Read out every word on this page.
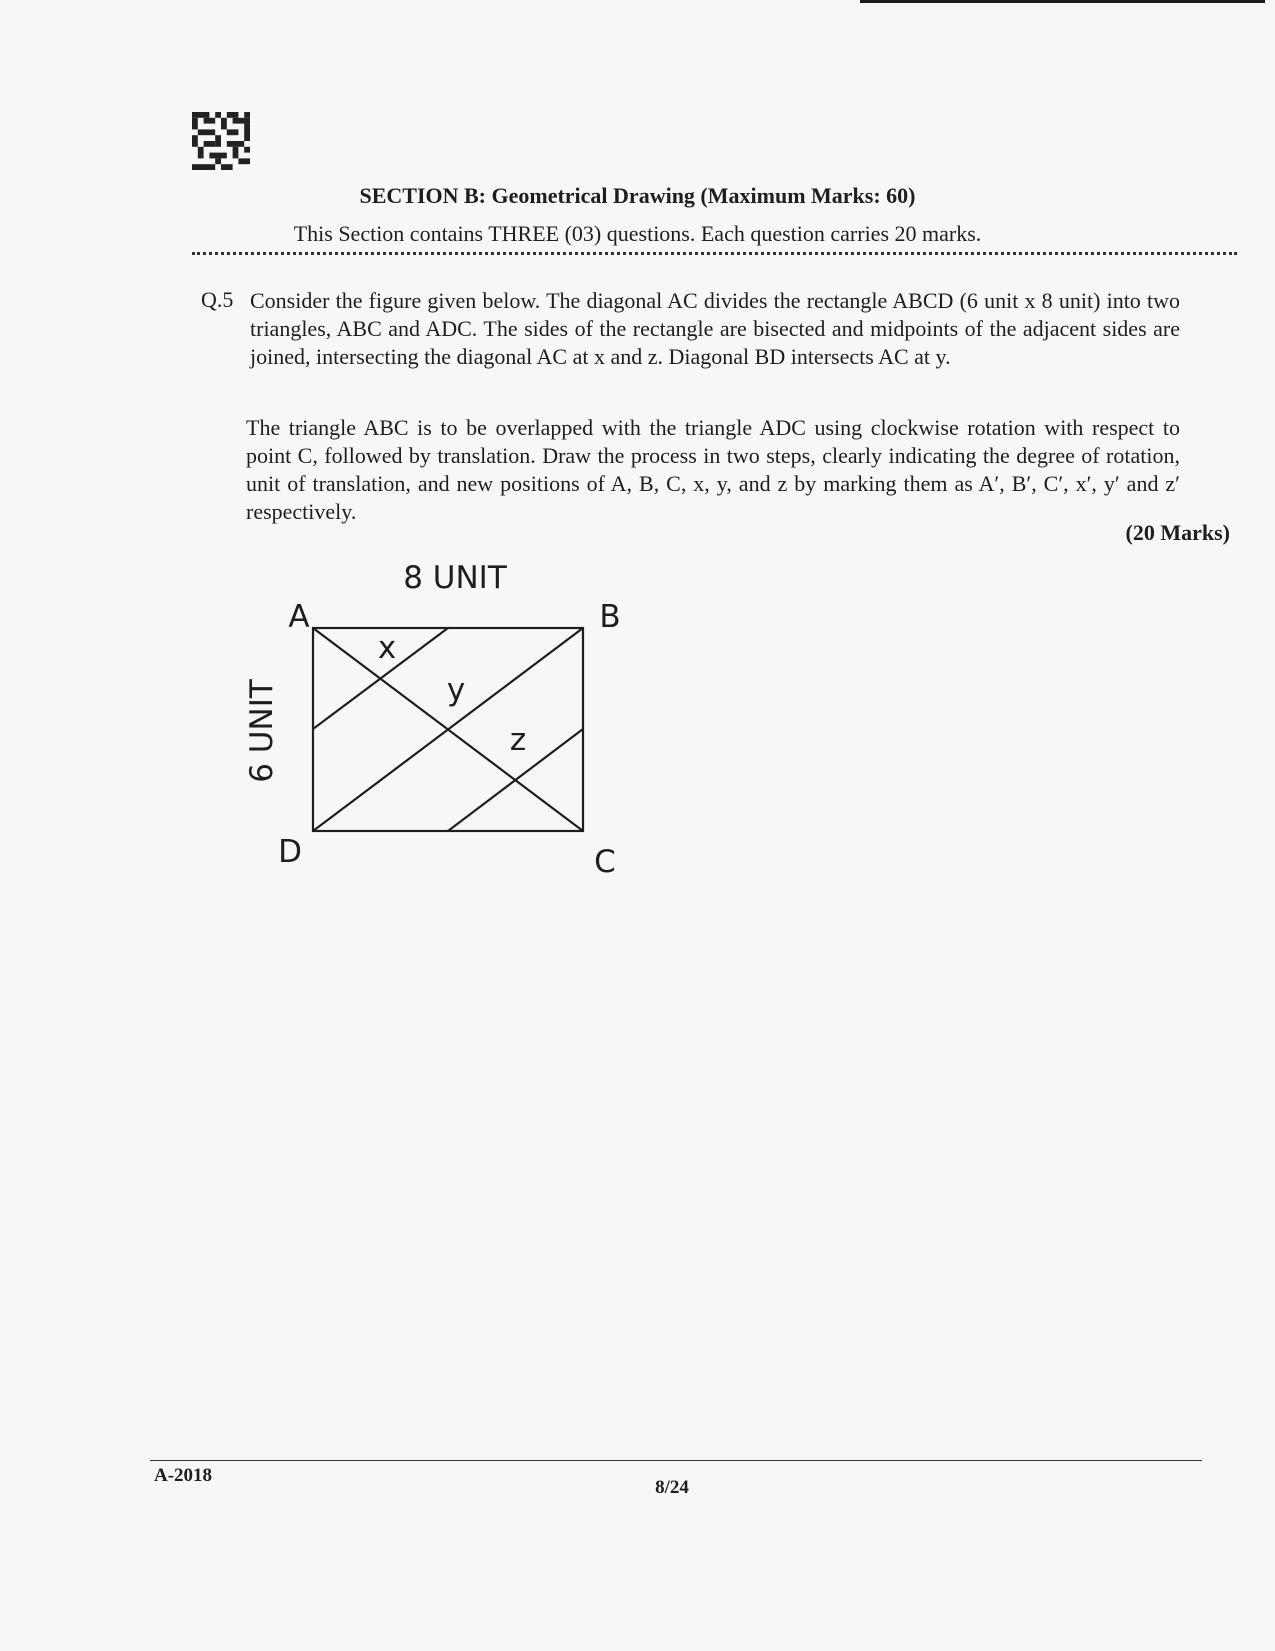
SECTION B: Geometrical Drawing (Maximum Marks: 60)
This Section contains THREE (03) questions. Each question carries 20 marks.
Q.5 Consider the figure given below. The diagonal AC divides the rectangle ABCD (6 unit x 8 unit) into two triangles, ABC and ADC. The sides of the rectangle are bisected and midpoints of the adjacent sides are joined, intersecting the diagonal AC at x and z. Diagonal BD intersects AC at y.
The triangle ABC is to be overlapped with the triangle ADC using clockwise rotation with respect to point C, followed by translation. Draw the process in two steps, clearly indicating the degree of rotation, unit of translation, and new positions of A, B, C, x, y, and z by marking them as A′, B′, C′, x′, y′ and z′ respectively.
(20 Marks)
8 UNIT
A	B
D	C
x
y
z
6 UNIT
A-2018
8/24
